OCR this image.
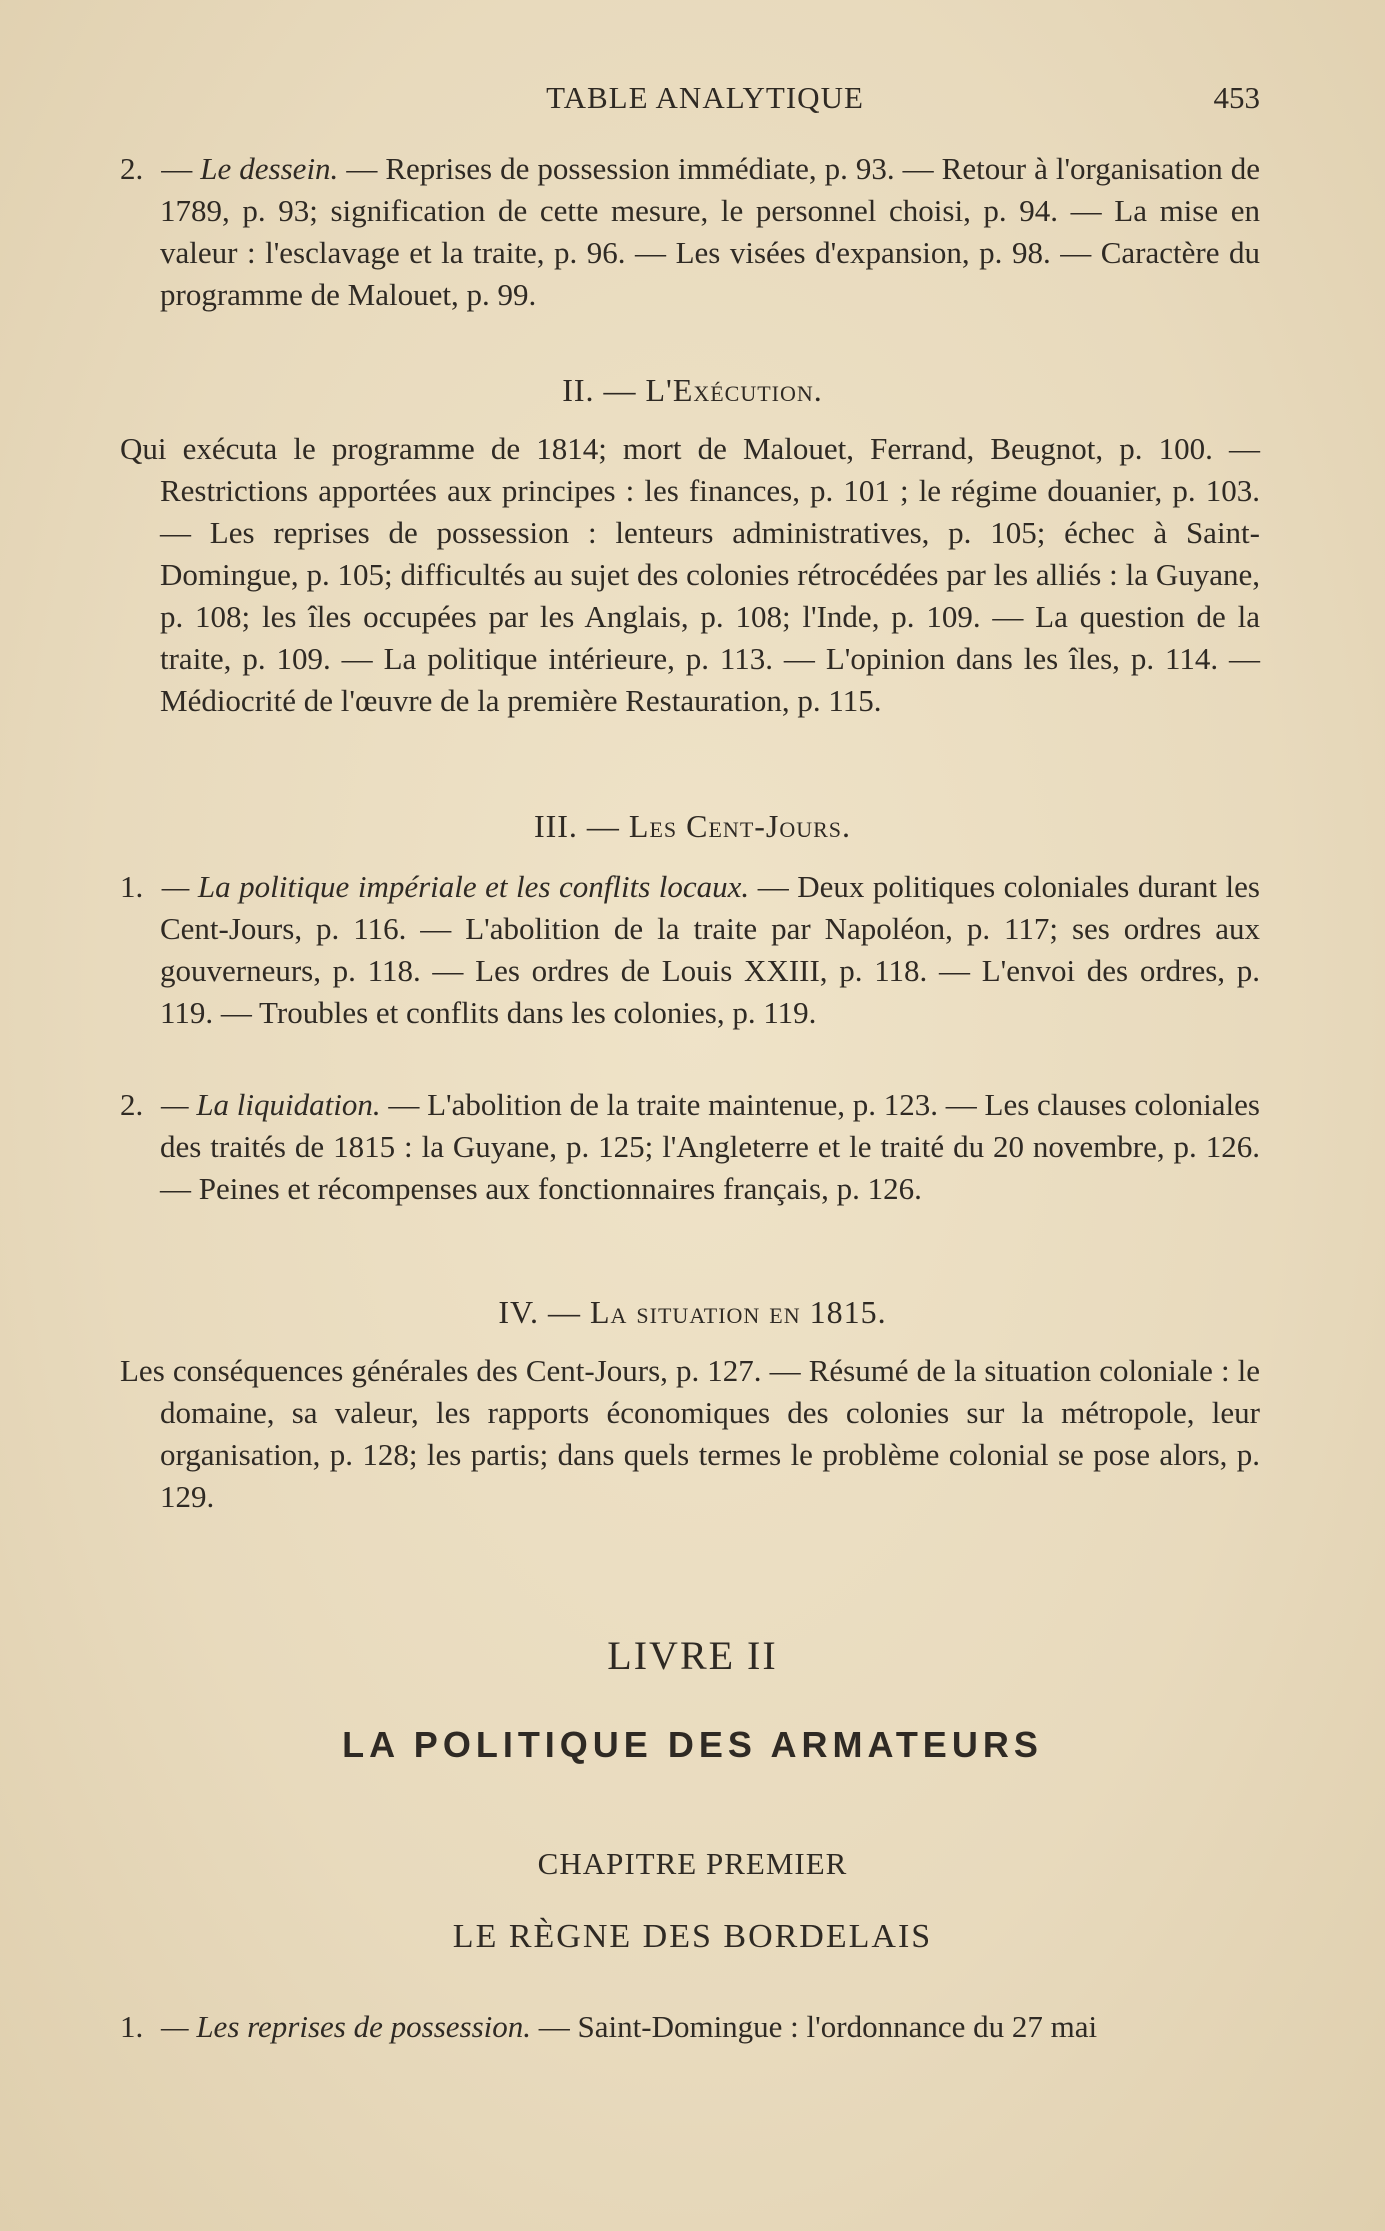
TABLE ANALYTIQUE	453
2. — Le dessein. — Reprises de possession immédiate, p. 93. — Retour à l'organisation de 1789, p. 93; signification de cette mesure, le personnel choisi, p. 94. — La mise en valeur : l'esclavage et la traite, p. 96. — Les visées d'expansion, p. 98. — Caractère du programme de Malouet, p. 99.
II. — L'Exécution.
Qui exécuta le programme de 1814; mort de Malouet, Ferrand, Beugnot, p. 100. — Restrictions apportées aux principes : les finances, p. 101 ; le régime douanier, p. 103. — Les reprises de possession : lenteurs administratives, p. 105; échec à Saint-Domingue, p. 105; difficultés au sujet des colonies rétrocédées par les alliés : la Guyane, p. 108; les îles occupées par les Anglais, p. 108; l'Inde, p. 109. — La question de la traite, p. 109. — La politique intérieure, p. 113. — L'opinion dans les îles, p. 114. — Médiocrité de l'œuvre de la première Restauration, p. 115.
III. — Les Cent-Jours.
1. — La politique impériale et les conflits locaux. — Deux politiques coloniales durant les Cent-Jours, p. 116. — L'abolition de la traite par Napoléon, p. 117; ses ordres aux gouverneurs, p. 118. — Les ordres de Louis XXIII, p. 118. — L'envoi des ordres, p. 119. — Troubles et conflits dans les colonies, p. 119.
2. — La liquidation. — L'abolition de la traite maintenue, p. 123. — Les clauses coloniales des traités de 1815 : la Guyane, p. 125; l'Angleterre et le traité du 20 novembre, p. 126. — Peines et récompenses aux fonctionnaires français, p. 126.
IV. — La situation en 1815.
Les conséquences générales des Cent-Jours, p. 127. — Résumé de la situation coloniale : le domaine, sa valeur, les rapports économiques des colonies sur la métropole, leur organisation, p. 128; les partis; dans quels termes le problème colonial se pose alors, p. 129.
LIVRE II
LA POLITIQUE DES ARMATEURS
CHAPITRE PREMIER
LE RÈGNE DES BORDELAIS
1. — Les reprises de possession. — Saint-Domingue : l'ordonnance du 27 mai
